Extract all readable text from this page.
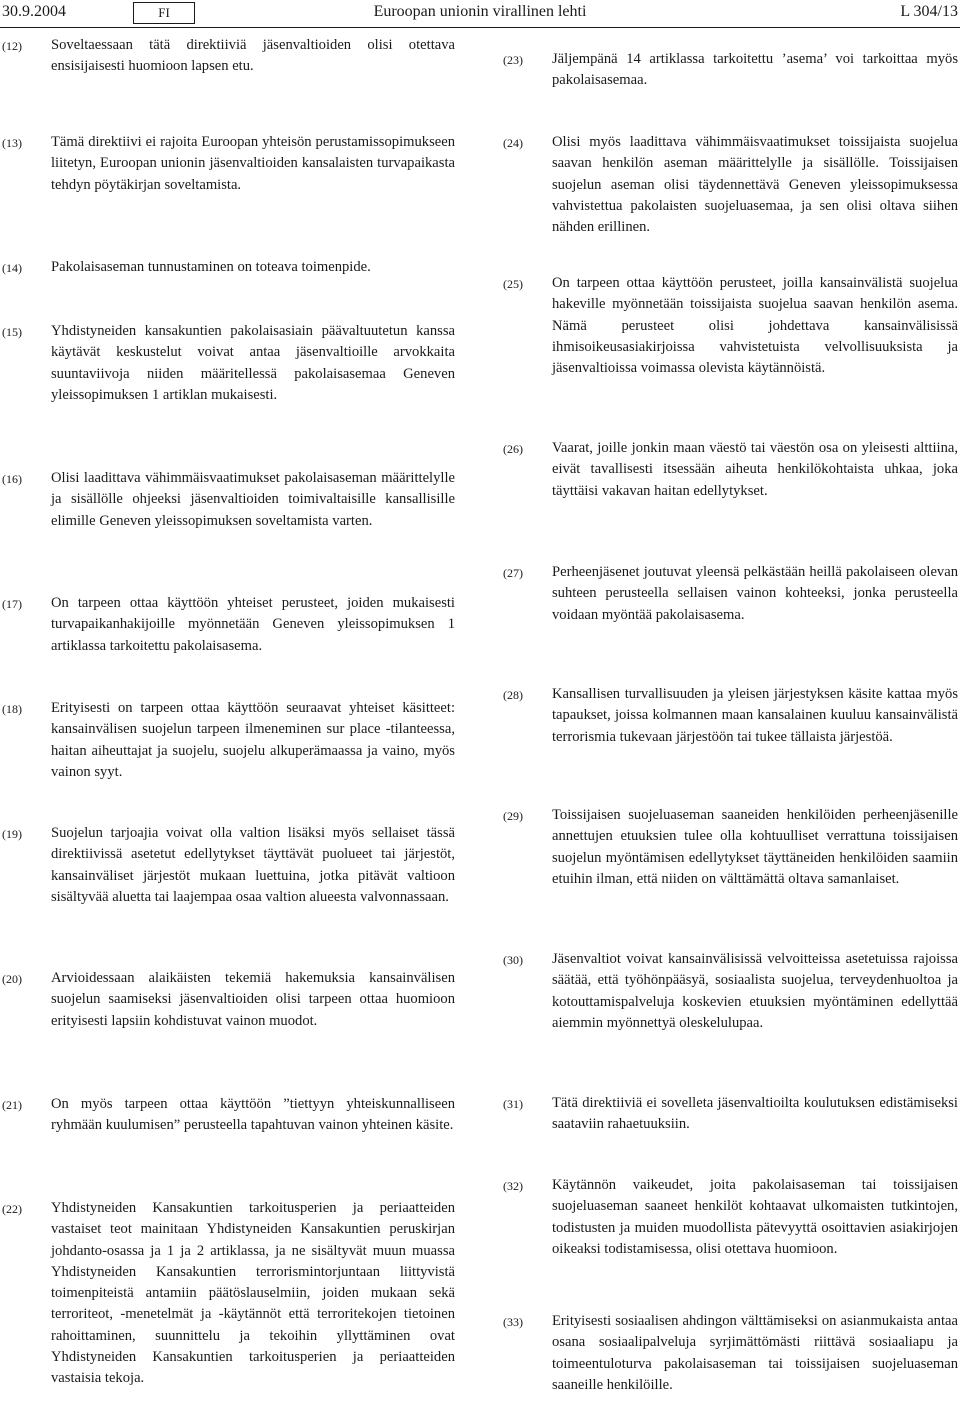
30.9.2004	FI	Euroopan unionin virallinen lehti	L 304/13
(12) Soveltaessaan tätä direktiiviä jäsenvaltioiden olisi otettava ensisijaisesti huomioon lapsen etu.
(13) Tämä direktiivi ei rajoita Euroopan yhteisön perustamissopimukseen liitetyn, Euroopan unionin jäsenvaltioiden kansalaisten turvapaikasta tehdyn pöytäkirjan soveltamista.
(14) Pakolaisaseman tunnustaminen on toteava toimenpide.
(15) Yhdistyneiden kansakuntien pakolaisasiain päävaltuutetun kanssa käytävät keskustelut voivat antaa jäsenvaltioille arvokkaita suuntaviivoja niiden määritellessä pakolaisasemaa Geneven yleissopimuksen 1 artiklan mukaisesti.
(16) Olisi laadittava vähimmäisvaatimukset pakolaisaseman määrittelylle ja sisällölle ohjeeksi jäsenvaltioiden toimivaltaisille kansallisille elimille Geneven yleissopimuksen soveltamista varten.
(17) On tarpeen ottaa käyttöön yhteiset perusteet, joiden mukaisesti turvapaikanhakijoille myönnetään Geneven yleissopimuksen 1 artiklassa tarkoitettu pakolaisasema.
(18) Erityisesti on tarpeen ottaa käyttöön seuraavat yhteiset käsitteet: kansainvälisen suojelun tarpeen ilmeneminen sur place -tilanteessa, haitan aiheuttajat ja suojelu, suojelu alkuperämaassa ja vaino, myös vainon syyt.
(19) Suojelun tarjoajia voivat olla valtion lisäksi myös sellaiset tässä direktiivissä asetetut edellytykset täyttävät puolueet tai järjestöt, kansainväliset järjestöt mukaan luettuina, jotka pitävät valtioon sisältyvää aluetta tai laajempaa osaa valtion alueesta valvonnassaan.
(20) Arvioidessaan alaikäisten tekemiä hakemuksia kansainvälisen suojelun saamiseksi jäsenvaltioiden olisi tarpeen ottaa huomioon erityisesti lapsiin kohdistuvat vainon muodot.
(21) On myös tarpeen ottaa käyttöön ”tiettyyn yhteiskunnalliseen ryhmään kuulumisen” perusteella tapahtuvan vainon yhteinen käsite.
(22) Yhdistyneiden Kansakuntien tarkoitusperien ja periaatteiden vastaiset teot mainitaan Yhdistyneiden Kansakuntien peruskirjan johdanto-osassa ja 1 ja 2 artiklassa, ja ne sisältyvät muun muassa Yhdistyneiden Kansakuntien terrorismintorjuntaan liittyvistä toimenpiteistä antamiin päätöslauselmiin, joiden mukaan sekä terroriteot, -menetelmät ja -käytännöt että terroritekojen tietoinen rahoittaminen, suunnittelu ja tekoihin yllyttäminen ovat Yhdistyneiden Kansakuntien tarkoitusperien ja periaatteiden vastaisia tekoja.
(23) Jäljempänä 14 artiklassa tarkoitettu ’asema’ voi tarkoittaa myös pakolaisasemaa.
(24) Olisi myös laadittava vähimmäisvaatimukset toissijaista suojelua saavan henkilön aseman määrittelylle ja sisällölle. Toissijaisen suojelun aseman olisi täydennettävä Geneven yleissopimuksessa vahvistettua pakolaisten suojeluasemaa, ja sen olisi oltava siihen nähden erillinen.
(25) On tarpeen ottaa käyttöön perusteet, joilla kansainvälistä suojelua hakeville myönnetään toissijaista suojelua saavan henkilön asema. Nämä perusteet olisi johdettava kansainvälisissä ihmisoikeusasiakirjoissa vahvistetuista velvollisuuksista ja jäsenvaltioissa voimassa olevista käytännöistä.
(26) Vaarat, joille jonkin maan väestö tai väestön osa on yleisesti alttiina, eivät tavallisesti itsessään aiheuta henkilökohtaista uhkaa, joka täyttäisi vakavan haitan edellytykset.
(27) Perheenjäsenet joutuvat yleensä pelkästään heillä pakolaiseen olevan suhteen perusteella sellaisen vainon kohteeksi, jonka perusteella voidaan myöntää pakolaisasema.
(28) Kansallisen turvallisuuden ja yleisen järjestyksen käsite kattaa myös tapaukset, joissa kolmannen maan kansalainen kuuluu kansainvälistä terrorismia tukevaan järjestöön tai tukee tällaista järjestöä.
(29) Toissijaisen suojeluaseman saaneiden henkilöiden perheenjäsenille annettujen etuuksien tulee olla kohtuulliset verrattuna toissijaisen suojelun myöntämisen edellytykset täyttäneiden henkilöiden saamiin etuihin ilman, että niiden on välttämättä oltava samanlaiset.
(30) Jäsenvaltiot voivat kansainvälisissä velvoitteissa asetetuissa rajoissa säätää, että työhönpääsyä, sosiaalista suojelua, terveydenhuoltoa ja kotouttamispalveluja koskevien etuuksien myöntäminen edellyttää aiemmin myönnettyä oleskelulupaa.
(31) Tätä direktiiviä ei sovelleta jäsenvaltioilta koulutuksen edistämiseksi saataviin rahaetuuksiin.
(32) Käytännön vaikeudet, joita pakolaisaseman tai toissijaisen suojeluaseman saaneet henkilöt kohtaavat ulkomaisten tutkintojen, todistusten ja muiden muodollista pätevyyttä osoittavien asiakirjojen oikeaksi todistamisessa, olisi otettava huomioon.
(33) Erityisesti sosiaalisen ahdingon välttämiseksi on asianmukaista antaa osana sosiaalipalveluja syrjimättömästi riittävä sosiaaliapu ja toimeentuloturva pakolaisaseman tai toissijaisen suojeluaseman saaneille henkilöille.
